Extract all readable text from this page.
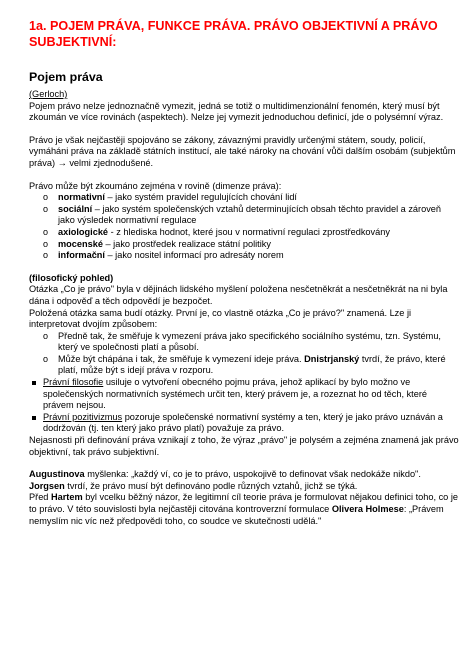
1a. POJEM PRÁVA, FUNKCE PRÁVA. PRÁVO OBJEKTIVNÍ A PRÁVO SUBJEKTIVNÍ:
Pojem práva

(Gerloch)

Pojem právo nelze jednoznačně vymezit, jedná se totiž o multidimenzionální fenomén, který musí být zkoumán ve více rovinách (aspektech). Nelze jej vymezit jednoduchou definicí, jde o polysémní výraz.

Právo je však nejčastěji spojováno se zákony, závaznými pravidly určenými státem, soudy, policií, vymáháni práva na základě státních institucí, ale také nároky na chování vůči dalším osobám (subjektům práva) → velmi zjednodušené.

Právo může být zkoumáno zejména v rovině (dimenze práva):

o normativní – jako systém pravidel regulujících chování lidí
o sociální – jako systém společenských vztahů determinujících obsah těchto pravidel a zároveň jako výsledek normativní regulace
o axiologické - z hlediska hodnot, které jsou v normativní regulaci zprostředkovány
o mocenské – jako prostředek realizace státní politiky
o informační – jako nositel informací pro adresáty norem

(filosofický pohled)

Otázka „Co je právo" byla v dějinách lidského myšlení položena nesčetněkrát a nesčetněkrát na ni byla dána i odpověď a těch odpovědí je bezpočet.

Položená otázka sama budí otázky. První je, co vlastně otázka „Co je právo?" znamená. Lze ji interpretovat dvojím způsobem:

o Předně tak, že směřuje k vymezení práva jako specifického sociálního systému, tzn. Systému, který ve společnosti platí a působí.
o Může být chápána i tak, že směřuje k vymezení ideje práva. Dnistrjanský tvrdí, že právo, které platí, může být s idejí práva v rozporu.
Právní filosofie usiluje o vytvoření obecného pojmu práva, jehož aplikací by bylo možno ve společenských normativních systémech určit ten, který právem je, a rozeznat ho od těch, které právem nejsou.
Právní pozitivizmus pozoruje společenské normativní systémy a ten, který je jako právo uznáván a dodržován (tj. ten který jako právo platí) považuje za právo.

Nejasnosti při definování práva vznikají z toho, že výraz „právo" je polysém a zejména znamená jak právo objektivní, tak právo subjektivní.

Augustinova myšlenka: „každý ví, co je to právo, uspokojivě to definovat však nedokáže nikdo".

Jorgsen tvrdí, že právo musí být definováno podle různých vztahů, jichž se týká.

Před Hartem byl vcelku běžný názor, že legitimní cíl teorie práva je formulovat nějakou definici toho, co je to právo. V této souvislosti byla nejčastěji citována kontroverzní formulace Olivera Holmese: „Právem nemyslím nic víc než předpovědi toho, co soudce ve skutečnosti udělá."
